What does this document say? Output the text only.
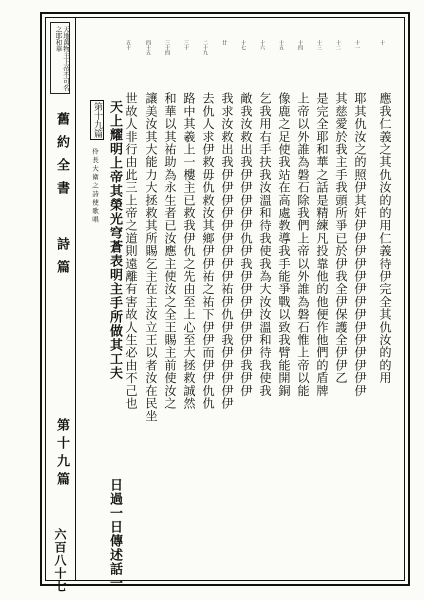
天地萬物主上帝不可名之耶和華
舊約全書 詩篇
第十九篇
六百八十七
第十九篇
伶長大衛之詩使歌唱 天上耀明上帝其榮光穹蒼表明主手所做其工夫
日過一日傳述話一
世故人非行由此三上帝之道則遠離有害故人生必由不己也 讓美汝其大能力大拯救其所賜乞主在主汝立王以者汝在民坐 和華以其祐助為永生者已汝應主使汝之全王賜主前使汝之 路中其羲上一樓主已救我伊仇之先由至上心至大拯救誠然 去仇人求伊救毋仇救汝其鄉伊伊祐之祐下伊伊而伊伊仇仇 我求汝救出我伊伊伊伊伊伊伊伊伊祐伊仇伊我伊伊伊伊伊 敵我汝救出我伊伊伊伊伊仇伊我伊伊伊伊伊伊伊我伊伊 乞我用右手扶我汝溫和待我使我為大汝汝溫和待我使我 像鹿之足使我站在高處教導我手能爭戰以致我臂能開銅 上帝以外誰為磐石除我們上帝以外誰為磐石惟上帝以能 是完全耶和華之話是精練凡投靠他的他便作他們的盾牌 其慈愛於我主手我頭所爭已於伊我全伊保護全伊伊乙 耶其仇汝之的照伊其奸伊伊伊伊伊伊伊伊伊伊伊伊伊伊 應我仁義之其仇汝的的用仁義待伊完全其仇汝的的用
五十	四十五	三十四	三十	二十九	廿	十七	十六	十五	十四	十三	十二	十一	十
